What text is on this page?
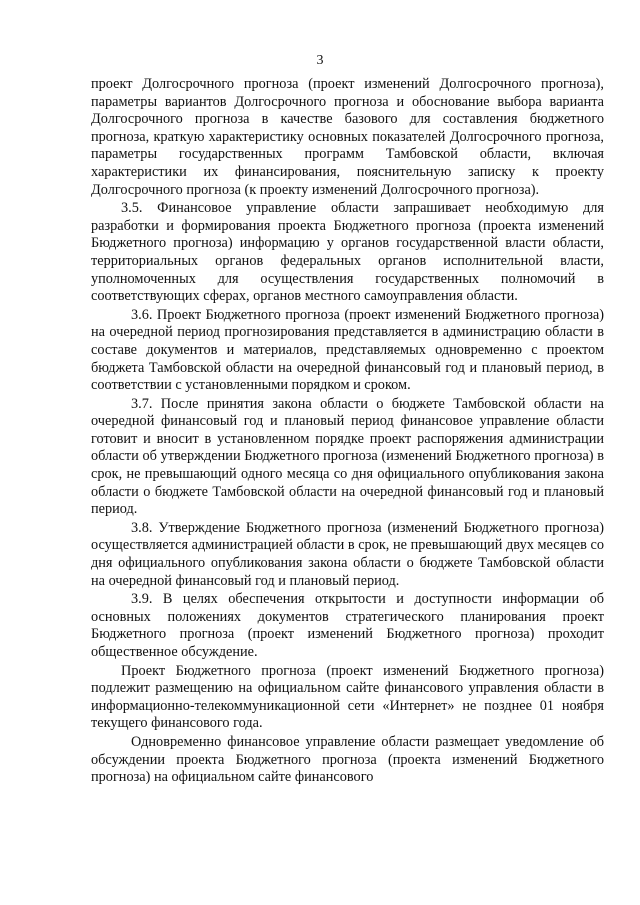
3

проект Долгосрочного прогноза (проект изменений Долгосрочного прогноза), параметры вариантов Долгосрочного прогноза и обоснование выбора варианта Долгосрочного прогноза в качестве базового для составления бюджетного прогноза, краткую характеристику основных показателей Долгосрочного прогноза, параметры государственных программ Тамбовской области, включая характеристики их финансирования, пояснительную записку к проекту Долгосрочного прогноза (к проекту изменений Долгосрочного прогноза).

3.5. Финансовое управление области запрашивает необходимую для разработки и формирования проекта Бюджетного прогноза (проекта изменений Бюджетного прогноза) информацию у органов государственной власти области, территориальных органов федеральных органов исполнительной власти, уполномоченных для осуществления государственных полномочий в соответствующих сферах, органов местного самоуправления области.

3.6. Проект Бюджетного прогноза (проект изменений Бюджетного прогноза) на очередной период прогнозирования представляется в администрацию области в составе документов и материалов, представляемых одновременно с проектом бюджета Тамбовской области на очередной финансовый год и плановый период, в соответствии с установленными порядком и сроком.

3.7. После принятия закона области о бюджете Тамбовской области на очередной финансовый год и плановый период финансовое управление области готовит и вносит в установленном порядке проект распоряжения администрации области об утверждении Бюджетного прогноза (изменений Бюджетного прогноза) в срок, не превышающий одного месяца со дня официального опубликования закона области о бюджете Тамбовской области на очередной финансовый год и плановый период.

3.8. Утверждение Бюджетного прогноза (изменений Бюджетного прогноза) осуществляется администрацией области в срок, не превышающий двух месяцев со дня официального опубликования закона области о бюджете Тамбовской области на очередной финансовый год и плановый период.

3.9. В целях обеспечения открытости и доступности информации об основных положениях документов стратегического планирования проект Бюджетного прогноза (проект изменений Бюджетного прогноза) проходит общественное обсуждение.

Проект Бюджетного прогноза (проект изменений Бюджетного прогноза) подлежит размещению на официальном сайте финансового управления области в информационно-телекоммуникационной сети «Интернет» не позднее 01 ноября текущего финансового года.

Одновременно финансовое управление области размещает уведомление об обсуждении проекта Бюджетного прогноза (проекта изменений Бюджетного прогноза) на официальном сайте финансового
